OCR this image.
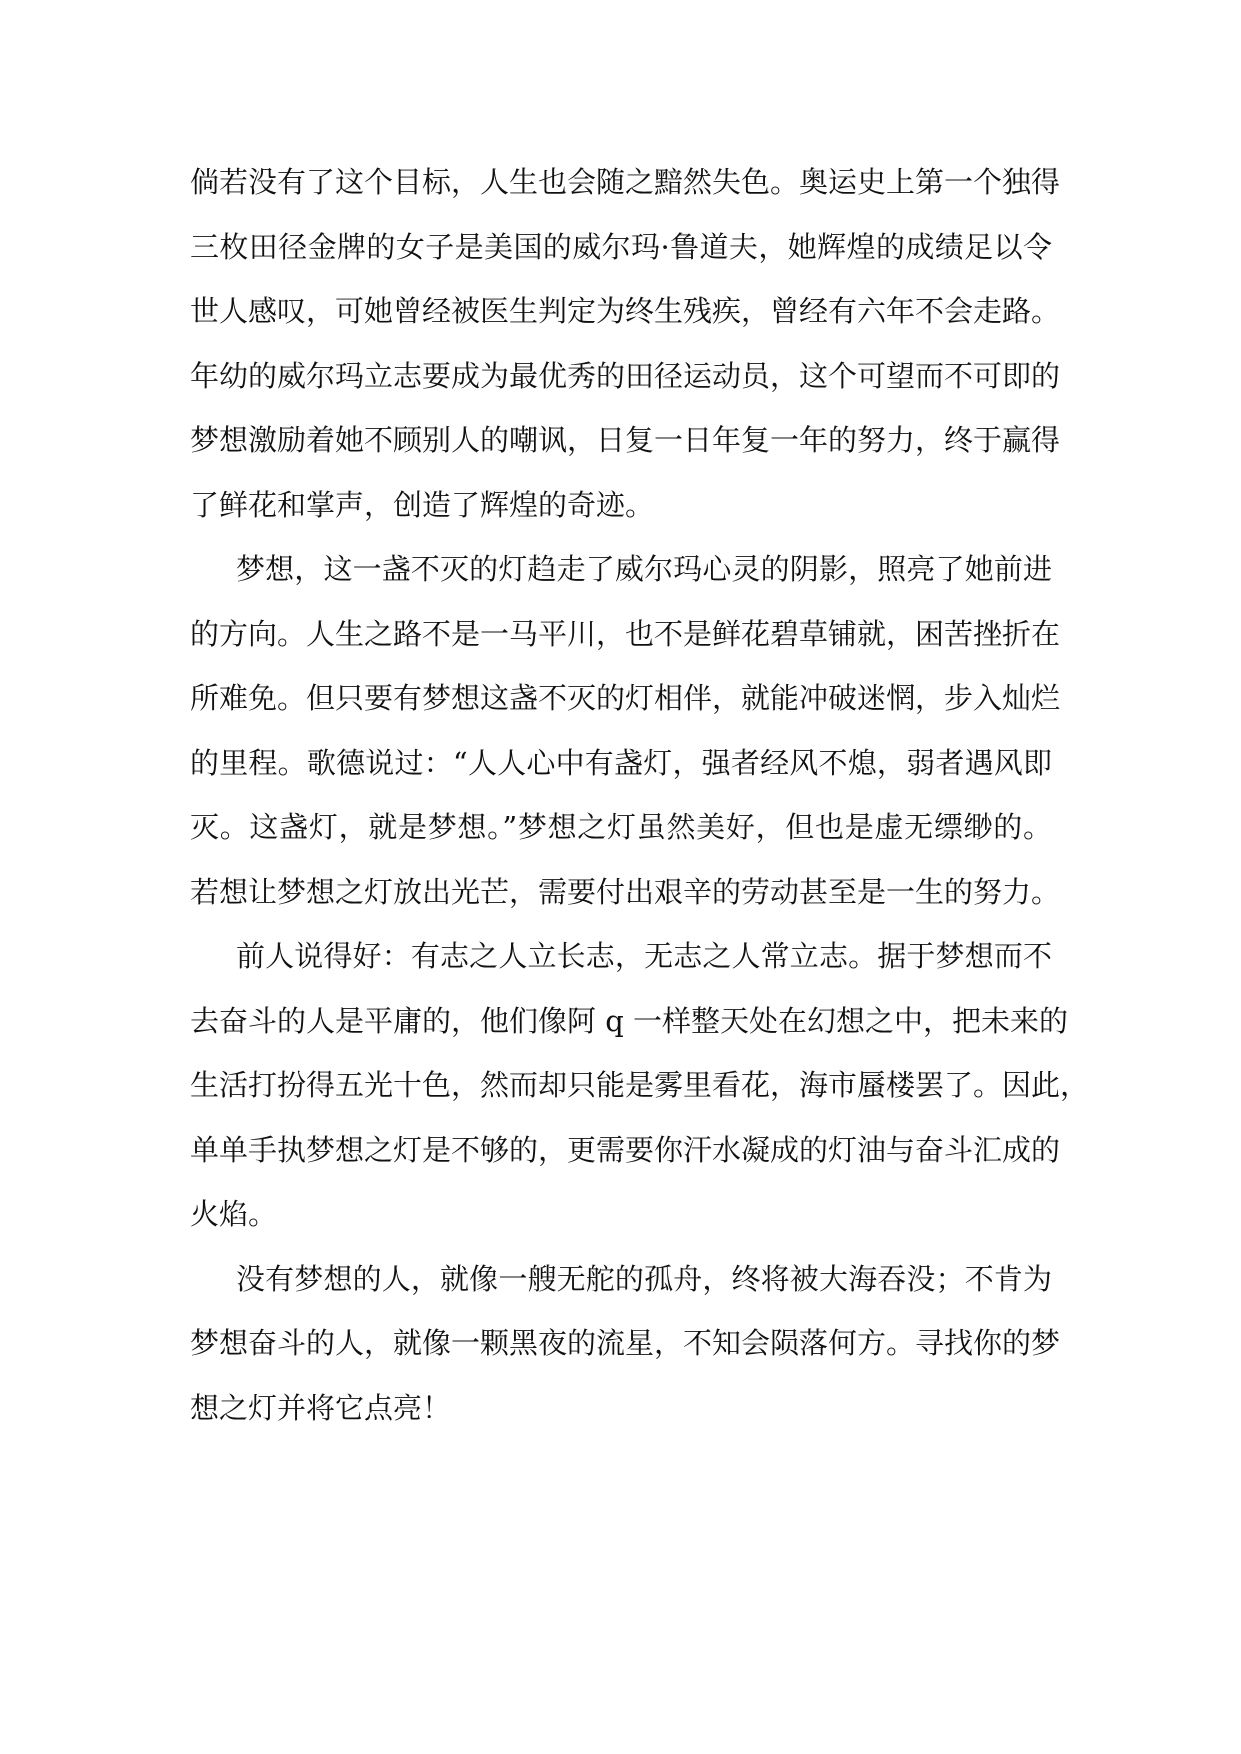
倘若没有了这个目标，人生也会随之黯然失色。奥运史上第一个独得
三枚田径金牌的女子是美国的威尔玛·鲁道夫，她辉煌的成绩足以令
世人感叹，可她曾经被医生判定为终生残疾，曾经有六年不会走路。
年幼的威尔玛立志要成为最优秀的田径运动员，这个可望而不可即的
梦想激励着她不顾别人的嘲讽，日复一日年复一年的努力，终于赢得
了鲜花和掌声，创造了辉煌的奇迹。
梦想，这一盏不灭的灯趋走了威尔玛心灵的阴影，照亮了她前进
的方向。人生之路不是一马平川，也不是鲜花碧草铺就，困苦挫折在
所难免。但只要有梦想这盏不灭的灯相伴，就能冲破迷惘，步入灿烂
的里程。歌德说过：“人人心中有盏灯，强者经风不熄，弱者遇风即
灭。这盏灯，就是梦想。”梦想之灯虽然美好，但也是虚无缥缈的。
若想让梦想之灯放出光芒，需要付出艰辛的劳动甚至是一生的努力。
前人说得好：有志之人立长志，无志之人常立志。据于梦想而不
去奋斗的人是平庸的，他们像阿 q 一样整天处在幻想之中，把未来的
生活打扮得五光十色，然而却只能是雾里看花，海市蜃楼罢了。因此，
单单手执梦想之灯是不够的，更需要你汗水凝成的灯油与奋斗汇成的
火焰。
没有梦想的人，就像一艘无舵的孤舟，终将被大海吞没；不肯为
梦想奋斗的人，就像一颗黑夜的流星，不知会陨落何方。寻找你的梦
想之灯并将它点亮！
